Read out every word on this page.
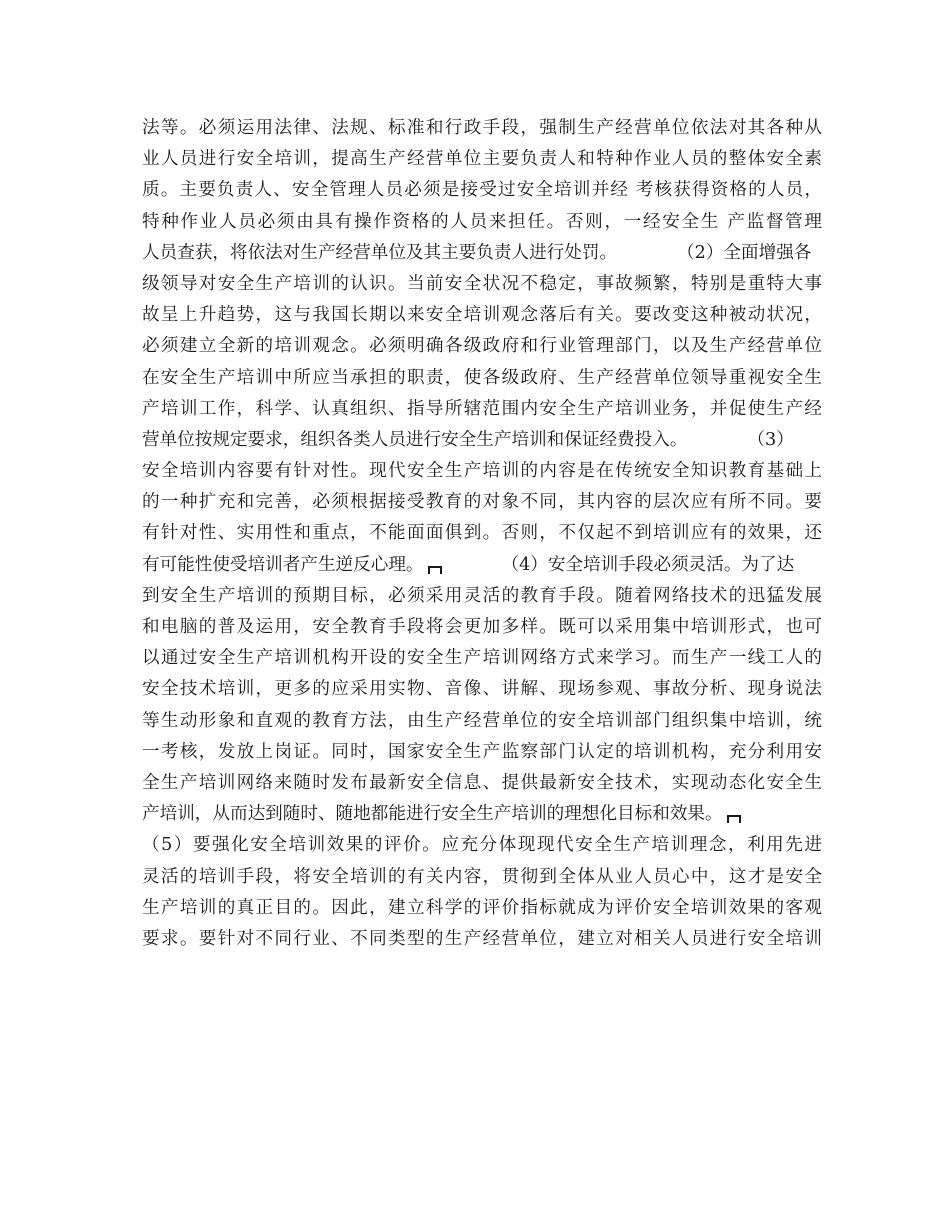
法等。必须运用法律、法规、标准和行政手段，强制生产经营单位依法对其各种从
业人员进行安全培训，提高生产经营单位主要负责人和特种作业人员的整体安全素
质。主要负责人、安全管理人员必须是接受过安全培训并经 考核获得资格的人员，
特种作业人员必须由具有操作资格的人员来担任。否则，一经安全生 产监督管理
人员查获，将依法对生产经营单位及其主要负责人进行处罚。	（2）全面增强各
级领导对安全生产培训的认识。当前安全状况不稳定，事故频繁，特别是重特大事
故呈上升趋势，这与我国长期以来安全培训观念落后有关。要改变这种被动状况，
必须建立全新的培训观念。必须明确各级政府和行业管理部门，以及生产经营单位
在安全生产培训中所应当承担的职责，使各级政府、生产经营单位领导重视安全生
产培训工作，科学、认真组织、指导所辖范围内安全生产培训业务，并促使生产经
营单位按规定要求，组织各类人员进行安全生产培训和保证经费投入。	（3）
安全培训内容要有针对性。现代安全生产培训的内容是在传统安全知识教育基础上
的一种扩充和完善，必须根据接受教育的对象不同，其内容的层次应有所不同。要
有针对性、实用性和重点，不能面面俱到。否则，不仅起不到培训应有的效果，还
有可能性使受培训者产生逆反心理。	（4）安全培训手段必须灵活。为了达
到安全生产培训的预期目标，必须采用灵活的教育手段。随着网络技术的迅猛发展
和电脑的普及运用，安全教育手段将会更加多样。既可以采用集中培训形式，也可
以通过安全生产培训机构开设的安全生产培训网络方式来学习。而生产一线工人的
安全技术培训，更多的应采用实物、音像、讲解、现场参观、事故分析、现身说法
等生动形象和直观的教育方法，由生产经营单位的安全培训部门组织集中培训，统
一考核，发放上岗证。同时，国家安全生产监察部门认定的培训机构，充分利用安
全生产培训网络来随时发布最新安全信息、提供最新安全技术，实现动态化安全生
产培训，从而达到随时、随地都能进行安全生产培训的理想化目标和效果。
（5）要强化安全培训效果的评价。应充分体现现代安全生产培训理念，利用先进
灵活的培训手段，将安全培训的有关内容，贯彻到全体从业人员心中，这才是安全
生产培训的真正目的。因此，建立科学的评价指标就成为评价安全培训效果的客观
要求。要针对不同行业、不同类型的生产经营单位，建立对相关人员进行安全培训
